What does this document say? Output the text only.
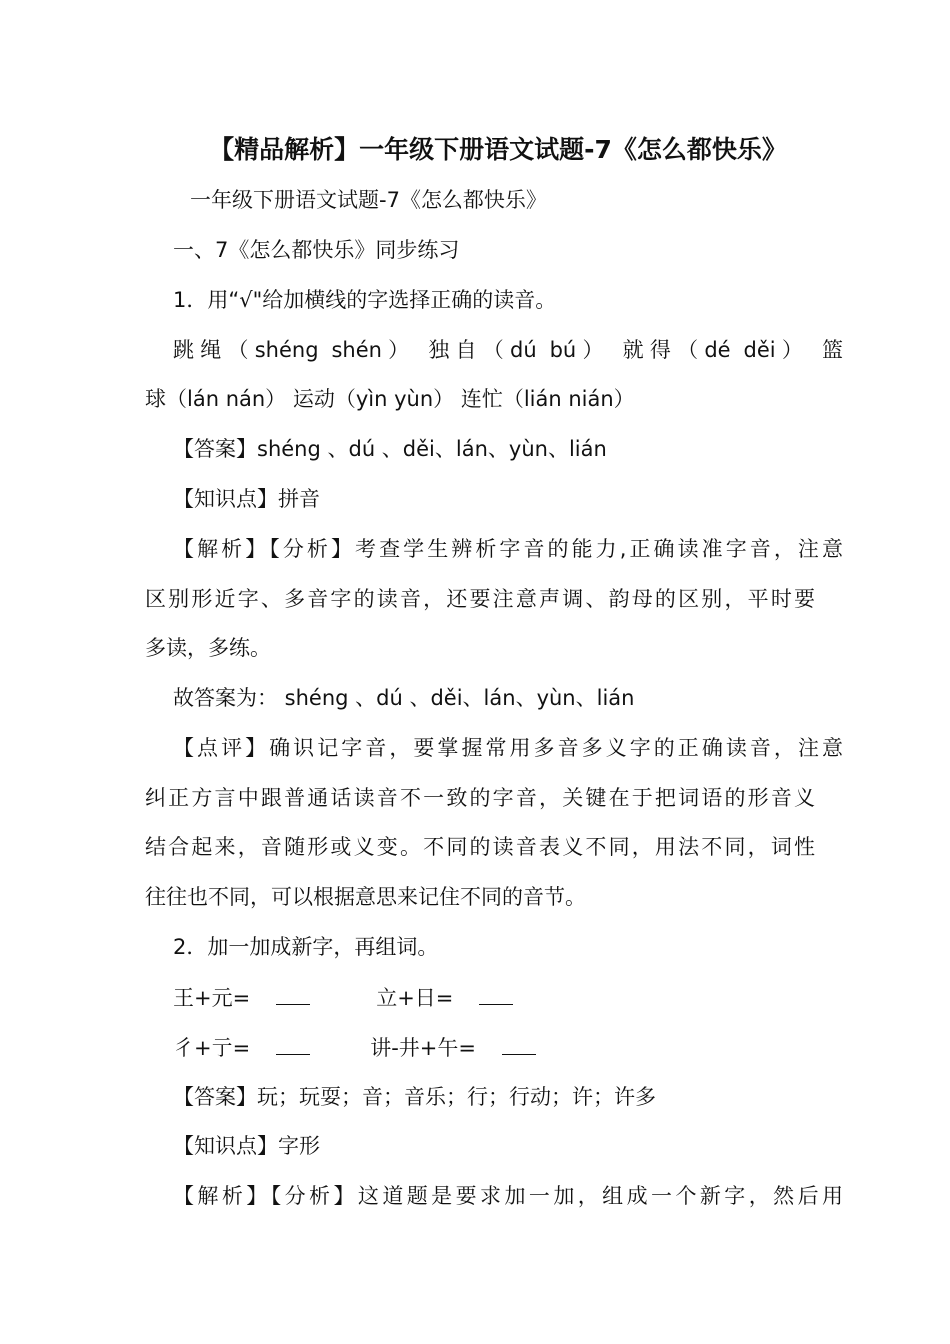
【精品解析】一年级下册语文试题-7《怎么都快乐》
一年级下册语文试题-7《怎么都快乐》
一、7《怎么都快乐》同步练习
1．用“√"给加横线的字选择正确的读音。
跳绳（shéng shén） 独自（dú bú） 就得（dé děi） 篮
球（lán nán） 运动（yìn yùn） 连忙（lián nián）
【答案】shéng 、dú 、děi、lán、yùn、lián
【知识点】拼音
【解析】【分析】考查学生辨析字音的能力,正确读准字音，注意
区别形近字、多音字的读音，还要注意声调、韵母的区别，平时要
多读，多练。
故答案为： shéng 、dú 、děi、lán、yùn、lián
【点评】确识记字音，要掌握常用多音多义字的正确读音，注意
纠正方言中跟普通话读音不一致的字音，关键在于把词语的形音义
结合起来，音随形或义变。不同的读音表义不同，用法不同，词性
往往也不同，可以根据意思来记住不同的音节。
2．加一加成新字，再组词。
王+元=	立+日=
彳+亍=	讲-井+午=
【答案】玩；玩耍；音；音乐；行；行动；许；许多
【知识点】字形
【解析】【分析】这道题是要求加一加，组成一个新字，然后用
